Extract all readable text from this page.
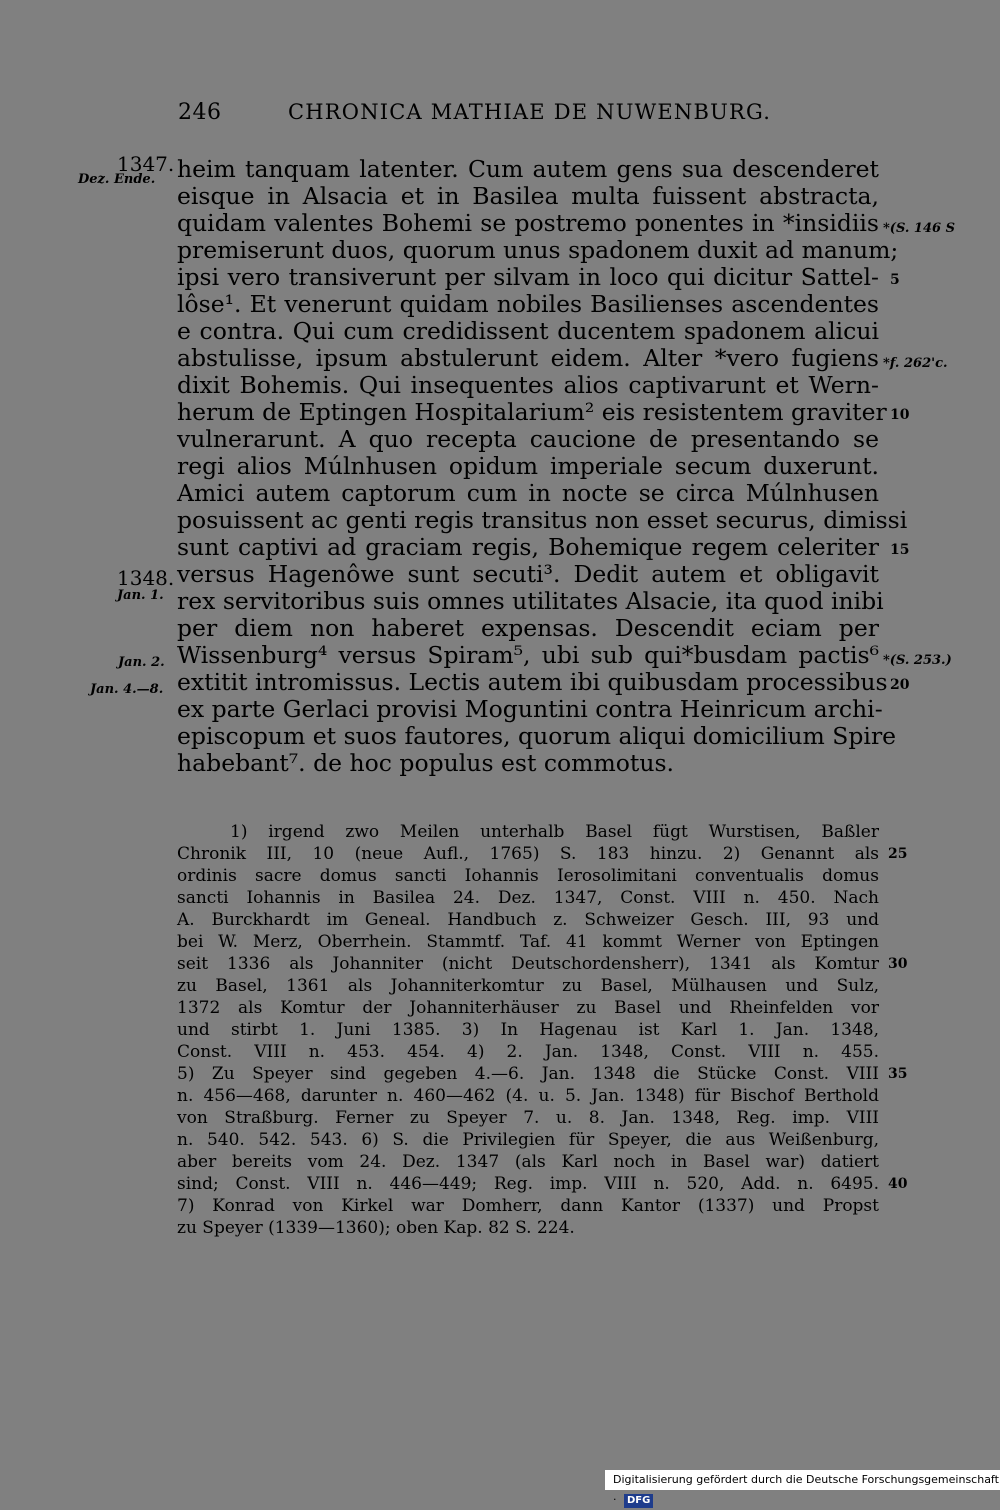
246	CHRONICA MATHIAE DE NUWENBURG.
1347.
Dez. Ende.
1348.
Jan. 1.
Jan. 2.
Jan. 4.—8.
*(S. 146 S
*f. 262'c.
*(S. 253.)
heim tanquam latenter. Cum autem gens sua descenderet
eisque in Alsacia et in Basilea multa fuissent abstracta,
quidam valentes Bohemi se postremo ponentes in *insidiis
premiserunt duos, quorum unus spadonem duxit ad manum;
ipsi vero transiverunt per silvam in loco qui dicitur Sattel-
lôse¹. Et venerunt quidam nobiles Basilienses ascendentes
e contra. Qui cum credidissent ducentem spadonem alicui
abstulisse, ipsum abstulerunt eidem. Alter *vero fugiens
dixit Bohemis. Qui insequentes alios captivarunt et Wern-
herum de Eptingen Hospitalarium² eis resistentem graviter
vulnerarunt. A quo recepta caucione de presentando se
regi alios Múlnhusen opidum imperiale secum duxerunt.
Amici autem captorum cum in nocte se circa Múlnhusen
posuissent ac genti regis transitus non esset securus, dimissi
sunt captivi ad graciam regis, Bohemique regem celeriter
versus Hagenôwe sunt secuti³. Dedit autem et obligavit
rex servitoribus suis omnes utilitates Alsacie, ita quod inibi
per diem non haberet expensas. Descendit eciam per
Wissenburg⁴ versus Spiram⁵, ubi sub qui*busdam pactis⁶
extitit intromissus. Lectis autem ibi quibusdam processibus
ex parte Gerlaci provisi Moguntini contra Heinricum archi-
episcopum et suos fautores, quorum aliqui domicilium Spire
habebant⁷. de hoc populus est commotus.
5
10
15
20
1) irgend zwo Meilen unterhalb Basel fügt Wurstisen, Baßler
Chronik III, 10 (neue Aufl., 1765) S. 183 hinzu. 2) Genannt als
ordinis sacre domus sancti Iohannis Ierosolimitani conventualis domus
sancti Iohannis in Basilea 24. Dez. 1347, Const. VIII n. 450. Nach
A. Burckhardt im Geneal. Handbuch z. Schweizer Gesch. III, 93 und
bei W. Merz, Oberrhein. Stammtf. Taf. 41 kommt Werner von Eptingen
seit 1336 als Johanniter (nicht Deutschordensherr), 1341 als Komtur
zu Basel, 1361 als Johanniterkomtur zu Basel, Mülhausen und Sulz,
1372 als Komtur der Johanniterhäuser zu Basel und Rheinfelden vor
und stirbt 1. Juni 1385. 3) In Hagenau ist Karl 1. Jan. 1348,
Const. VIII n. 453. 454. 4) 2. Jan. 1348, Const. VIII n. 455.
5) Zu Speyer sind gegeben 4.—6. Jan. 1348 die Stücke Const. VIII
n. 456—468, darunter n. 460—462 (4. u. 5. Jan. 1348) für Bischof Berthold
von Straßburg. Ferner zu Speyer 7. u. 8. Jan. 1348, Reg. imp. VIII
n. 540. 542. 543. 6) S. die Privilegien für Speyer, die aus Weißenburg,
aber bereits vom 24. Dez. 1347 (als Karl noch in Basel war) datiert
sind; Const. VIII n. 446—449; Reg. imp. VIII n. 520, Add. n. 6495.
7) Konrad von Kirkel war Domherr, dann Kantor (1337) und Propst
zu Speyer (1339—1360); oben Kap. 82 S. 224.
25
30
35
40
Digitalisierung gefördert durch die Deutsche Forschungsgemeinschaft · DFG
